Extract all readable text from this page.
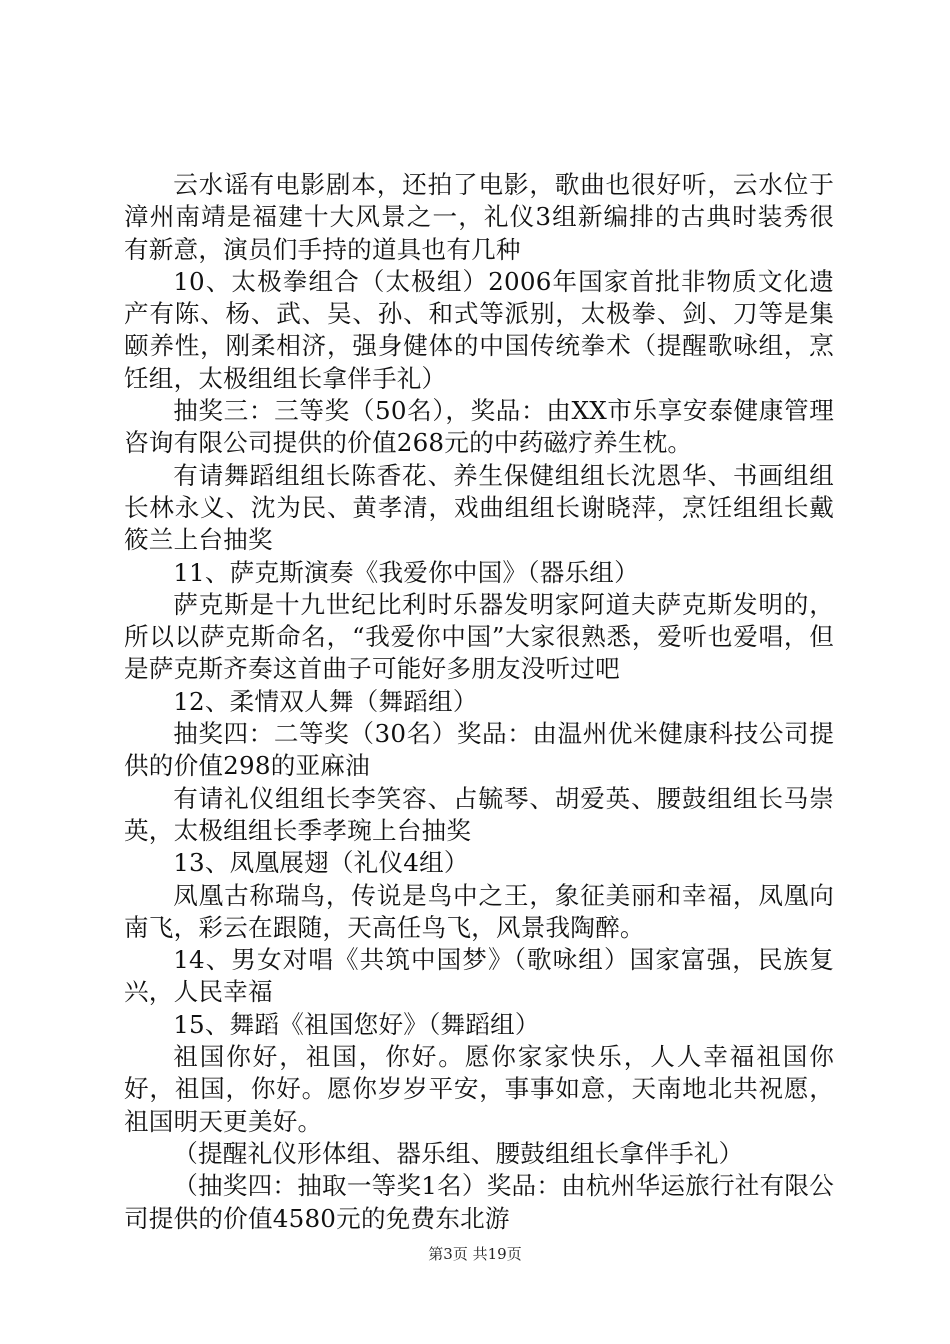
云水谣有电影剧本，还拍了电影，歌曲也很好听，云水位于漳州南靖是福建十大风景之一，礼仪3组新编排的古典时装秀很有新意，演员们手持的道具也有几种

10、太极拳组合（太极组）2006年国家首批非物质文化遗产有陈、杨、武、吴、孙、和式等派别，太极拳、剑、刀等是集颐养性，刚柔相济，强身健体的中国传统拳术（提醒歌咏组，烹饪组，太极组组长拿伴手礼）

抽奖三：三等奖（50名），奖品：由XX市乐享安泰健康管理咨询有限公司提供的价值268元的中药磁疗养生枕。

有请舞蹈组组长陈香花、养生保健组组长沈恩华、书画组组长林永义、沈为民、黄孝清，戏曲组组长谢晓萍，烹饪组组长戴筱兰上台抽奖

11、萨克斯演奏《我爱你中国》（器乐组）

萨克斯是十九世纪比利时乐器发明家阿道夫萨克斯发明的，所以以萨克斯命名，“我爱你中国”大家很熟悉，爱听也爱唱，但是萨克斯齐奏这首曲子可能好多朋友没听过吧

12、柔情双人舞（舞蹈组）

抽奖四：二等奖（30名）奖品：由温州优米健康科技公司提供的价值298的亚麻油

有请礼仪组组长李笑容、占毓琴、胡爱英、腰鼓组组长马崇英，太极组组长季孝琬上台抽奖

13、凤凰展翅（礼仪4组）

凤凰古称瑞鸟，传说是鸟中之王，象征美丽和幸福，凤凰向南飞，彩云在跟随，天高任鸟飞，风景我陶醉。

14、男女对唱《共筑中国梦》（歌咏组）国家富强，民族复兴，人民幸福

15、舞蹈《祖国您好》（舞蹈组）

祖国你好，祖国，你好。愿你家家快乐，人人幸福祖国你好，祖国，你好。愿你岁岁平安，事事如意，天南地北共祝愿，祖国明天更美好。

（提醒礼仪形体组、器乐组、腰鼓组组长拿伴手礼）

（抽奖四：抽取一等奖1名）奖品：由杭州华运旅行社有限公司提供的价值4580元的免费东北游

第3页 共19页
